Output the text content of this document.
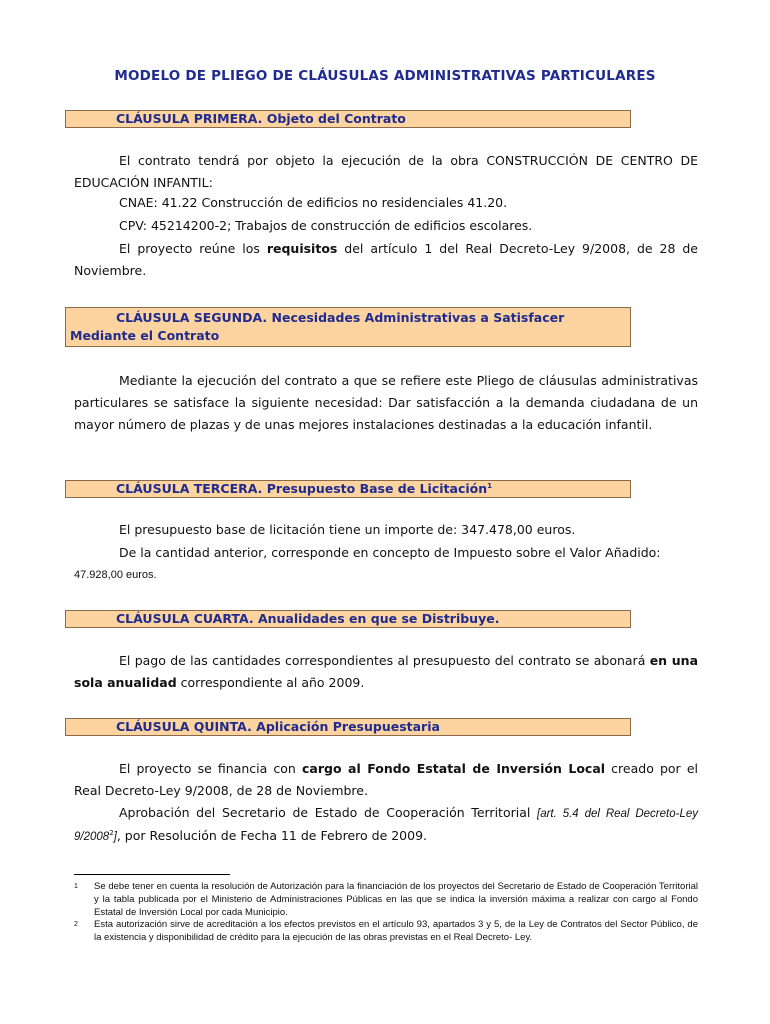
MODELO DE PLIEGO DE CLÁUSULAS ADMINISTRATIVAS PARTICULARES
CLÁUSULA PRIMERA. Objeto del Contrato
El contrato tendrá por objeto la ejecución de la obra CONSTRUCCIÓN DE CENTRO DE EDUCACIÓN INFANTIL:
CNAE: 41.22 Construcción de edificios no residenciales 41.20.
CPV: 45214200-2; Trabajos de construcción de edificios escolares.
El proyecto reúne los requisitos del artículo 1 del Real Decreto-Ley 9/2008, de 28 de Noviembre.
CLÁUSULA SEGUNDA. Necesidades Administrativas a Satisfacer
Mediante el Contrato
Mediante la ejecución del contrato a que se refiere este Pliego de cláusulas administrativas particulares se satisface la siguiente necesidad: Dar satisfacción a la demanda ciudadana de un mayor número de plazas y de unas mejores instalaciones destinadas a la educación infantil.
CLÁUSULA TERCERA. Presupuesto Base de Licitación$^1$
El presupuesto base de licitación tiene un importe de: 347.478,00 euros.
De la cantidad anterior, corresponde en concepto de Impuesto sobre el Valor Añadido:
47.928,00 euros.
CLÁUSULA CUARTA. Anualidades en que se Distribuye.
El pago de las cantidades correspondientes al presupuesto del contrato se abonará en una sola anualidad correspondiente al año 2009.
CLÁUSULA QUINTA. Aplicación Presupuestaria
El proyecto se financia con cargo al Fondo Estatal de Inversión Local creado por el Real Decreto-Ley 9/2008, de 28 de Noviembre.
Aprobación del Secretario de Estado de Cooperación Territorial [art. 5.4 del Real Decreto-Ley 9/2008$^2$], por Resolución de Fecha 11 de Febrero de 2009.
1	Se debe tener en cuenta la resolución de Autorización para la financiación de los proyectos del Secretario de Estado de Cooperación Territorial y la tabla publicada por el Ministerio de Administraciones Públicas en las que se indica la inversión máxima a realizar con cargo al Fondo Estatal de Inversión Local por cada Municipio.
2	Esta autorización sirve de acreditación a los efectos previstos en el artículo 93, apartados 3 y 5, de la Ley de Contratos del Sector Público, de la existencia y disponibilidad de crédito para la ejecución de las obras previstas en el Real Decreto- Ley.
